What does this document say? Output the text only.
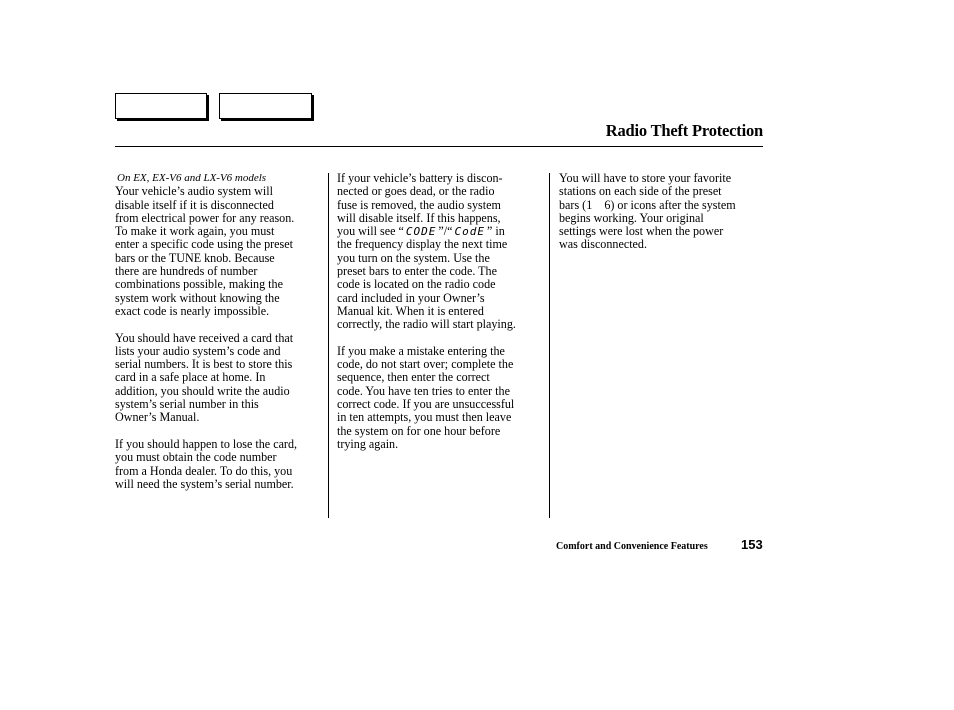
Radio Theft Protection
On EX, EX-V6 and LX-V6 models

Your vehicle’s audio system will
disable itself if it is disconnected
from electrical power for any reason.
To make it work again, you must
enter a specific code using the preset
bars or the TUNE knob. Because
there are hundreds of number
combinations possible, making the
system work without knowing the
exact code is nearly impossible.

You should have received a card that
lists your audio system’s code and
serial numbers. It is best to store this
card in a safe place at home. In
addition, you should write the audio
system’s serial number in this
Owner’s Manual.

If you should happen to lose the card,
you must obtain the code number
from a Honda dealer. To do this, you
will need the system’s serial number.

If your vehicle’s battery is discon-
nected or goes dead, or the radio
fuse is removed, the audio system
will disable itself. If this happens,
you will see “ CODE ”/“ CodE ” in
the frequency display the next time
you turn on the system. Use the
preset bars to enter the code. The
code is located on the radio code
card included in your Owner’s
Manual kit. When it is entered
correctly, the radio will start playing.

If you make a mistake entering the
code, do not start over; complete the
sequence, then enter the correct
code. You have ten tries to enter the
correct code. If you are unsuccessful
in ten attempts, you must then leave
the system on for one hour before
trying again.

You will have to store your favorite
stations on each side of the preset
bars (1    6) or icons after the system
begins working. Your original
settings were lost when the power
was disconnected.

Comfort and Convenience Features	153
